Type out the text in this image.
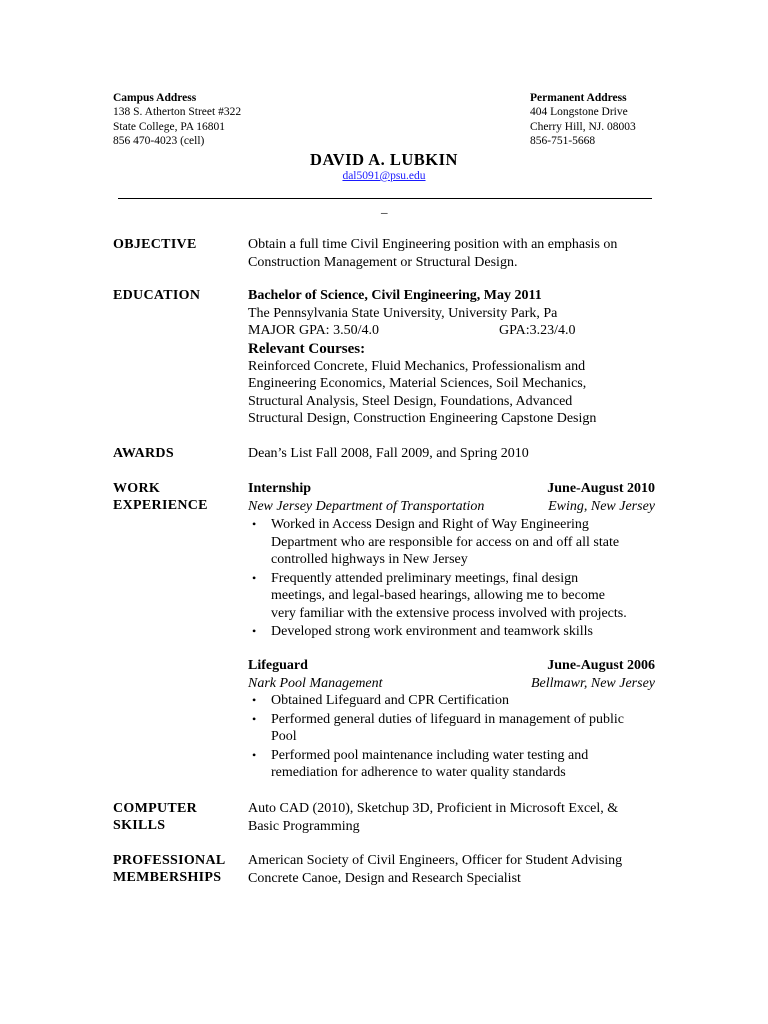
Campus Address
138 S. Atherton Street #322
State College, PA 16801
856 470-4023 (cell)
Permanent Address
404 Longstone Drive
Cherry Hill, NJ. 08003
856-751-5668
DAVID A. LUBKIN
dal5091@psu.edu
_
OBJECTIVE	Obtain a full time Civil Engineering position with an emphasis on
Construction Management or Structural Design.
EDUCATION	Bachelor of Science, Civil Engineering, May 2011
The Pennsylvania State University, University Park, Pa
MAJOR GPA: 3.50/4.0	GPA:3.23/4.0
Relevant Courses:
Reinforced Concrete, Fluid Mechanics, Professionalism and
Engineering Economics, Material Sciences, Soil Mechanics,
Structural Analysis, Steel Design, Foundations, Advanced
Structural Design, Construction Engineering Capstone Design
AWARDS	Dean’s List Fall 2008, Fall 2009, and Spring 2010
WORK
EXPERIENCE
Internship	June-August 2010
New Jersey Department of Transportation	Ewing, New Jersey
• Worked in Access Design and Right of Way Engineering
Department who are responsible for access on and off all state
controlled highways in New Jersey
• Frequently attended preliminary meetings, final design
meetings, and legal-based hearings, allowing me to become
very familiar with the extensive process involved with projects.
• Developed strong work environment and teamwork skills
Lifeguard	June-August 2006
Nark Pool Management	Bellmawr, New Jersey
• Obtained Lifeguard and CPR Certification
• Performed general duties of lifeguard in management of public
Pool
• Performed pool maintenance including water testing and
remediation for adherence to water quality standards
COMPUTER
SKILLS
Auto CAD (2010), Sketchup 3D, Proficient in Microsoft Excel, &
Basic Programming
PROFESSIONAL
MEMBERSHIPS
American Society of Civil Engineers, Officer for Student Advising
Concrete Canoe, Design and Research Specialist
